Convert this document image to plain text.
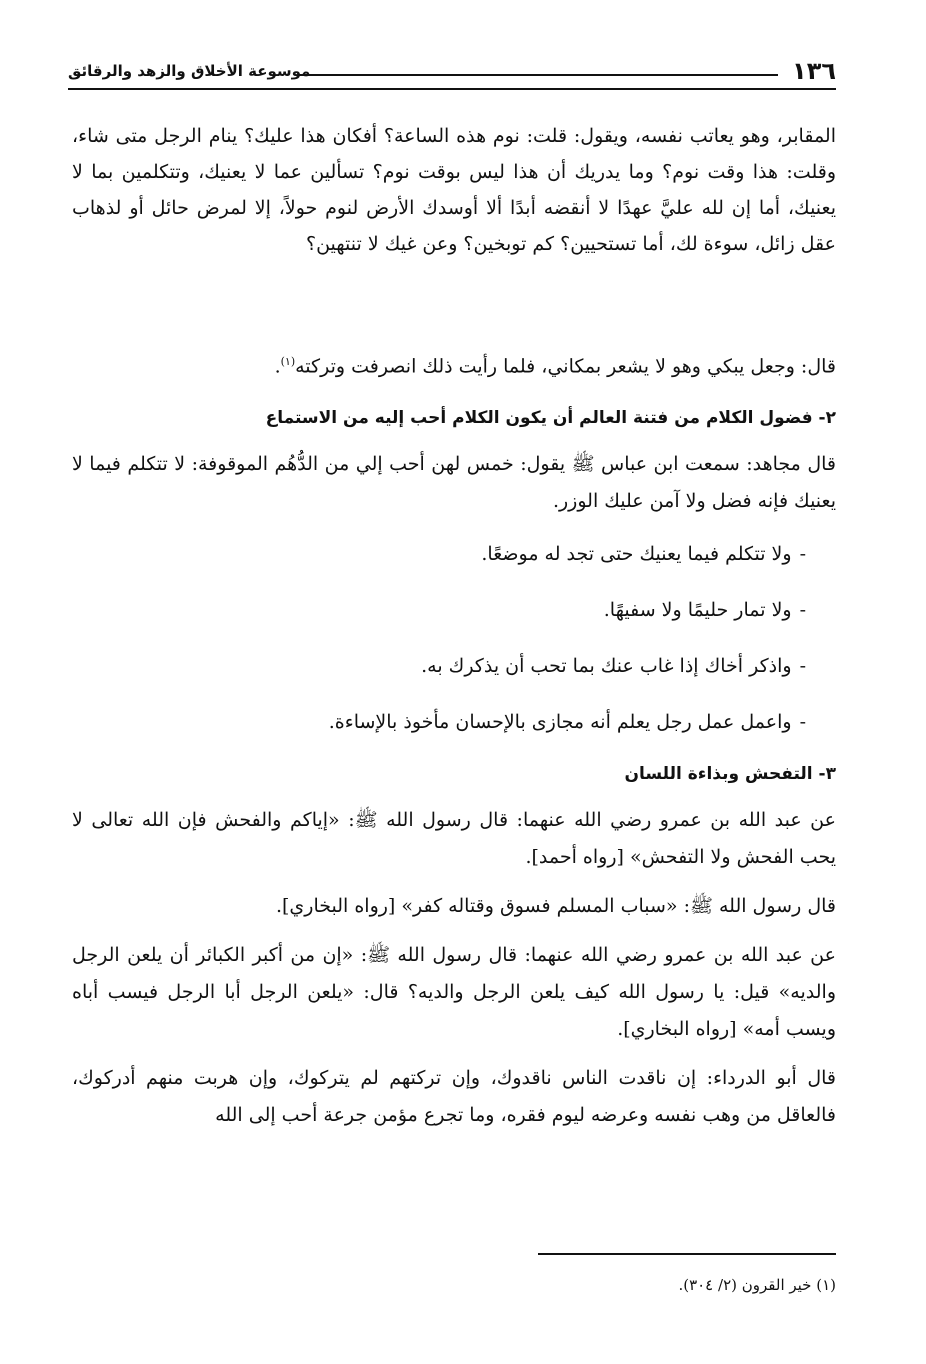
١٣٦
موسوعة الأخلاق والزهد والرقائق

المقابر، وهو يعاتب نفسه، ويقول: قلت: نوم هذه الساعة؟ أفكان هذا عليك؟ ينام الرجل متى شاء، وقلت: هذا وقت نوم؟ وما يدريك أن هذا ليس بوقت نوم؟ تسألين عما لا يعنيك، وتتكلمين بما لا يعنيك، أما إن لله عليَّ عهدًا لا أنقضه أبدًا ألا أوسدك الأرض لنوم حولاً، إلا لمرض حائل أو لذهاب عقل زائل، سوءة لك، أما تستحيين؟ كم توبخين؟ وعن غيك لا تنتهين؟

قال: وجعل يبكي وهو لا يشعر بمكاني، فلما رأيت ذلك انصرفت وتركته$^{(١)}$.

٢- فضول الكلام من فتنة العالم أن يكون الكلام أحب إليه من الاستماع

قال مجاهد: سمعت ابن عباس ﷺ يقول: خمس لهن أحب إلي من الدُّهُم الموقوفة: لا تتكلم فيما لا يعنيك فإنه فضل ولا آمن عليك الوزر.

-ولا تتكلم فيما يعنيك حتى تجد له موضعًا.

-ولا تمار حليمًا ولا سفيهًا.

-واذكر أخاك إذا غاب عنك بما تحب أن يذكرك به.

-واعمل عمل رجل يعلم أنه مجازى بالإحسان مأخوذ بالإساءة.

٣- التفحش وبذاءة اللسان

عن عبد الله بن عمرو رضي الله عنهما: قال رسول الله ﷺ: «إياكم والفحش فإن الله تعالى لا يحب الفحش ولا التفحش» [رواه أحمد].

قال رسول الله ﷺ: «سباب المسلم فسوق وقتاله كفر» [رواه البخاري].

عن عبد الله بن عمرو رضي الله عنهما: قال رسول الله ﷺ: «إن من أكبر الكبائر أن يلعن الرجل والديه» قيل: يا رسول الله كيف يلعن الرجل والديه؟ قال: «يلعن الرجل أبا الرجل فيسب أباه ويسب أمه» [رواه البخاري].

قال أبو الدرداء: إن ناقدت الناس ناقدوك، وإن تركتهم لم يتركوك، وإن هربت منهم أدركوك، فالعاقل من وهب نفسه وعرضه ليوم فقره، وما تجرع مؤمن جرعة أحب إلى الله

(١) خير القرون (٢/ ٣٠٤).
